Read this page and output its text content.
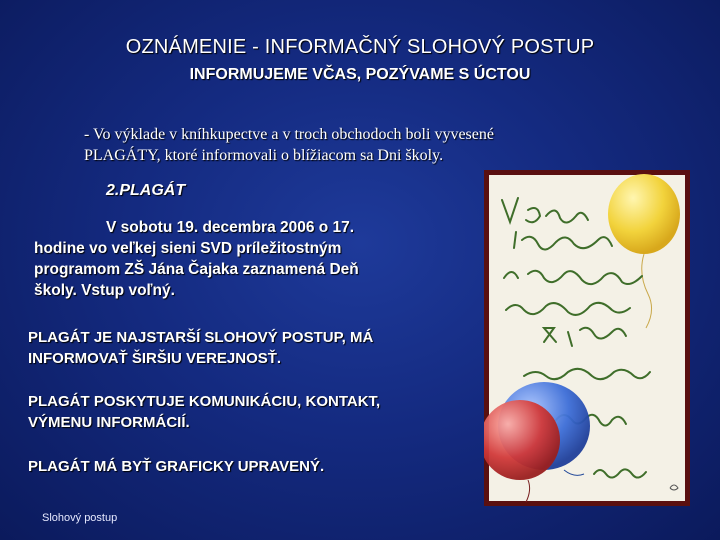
OZNÁMENIE - INFORMAČNÝ SLOHOVÝ POSTUP
INFORMUJEME VČAS, POZÝVAME S ÚCTOU
- Vo výklade v kníhkupectve a v troch obchodoch boli vyvesené
PLAGÁTY, ktoré informovali o blížiacom sa Dni školy.
2.PLAGÁT
V sobotu 19. decembra 2006 o 17.
hodine vo veľkej sieni SVD príležitostným
programom ZŠ Jána Čajaka zaznamená Deň
školy. Vstup voľný.
PLAGÁT JE NAJSTARŠÍ SLOHOVÝ POSTUP, MÁ
INFORMOVAŤ ŠIRŠIU VEREJNOSŤ.
PLAGÁT POSKYTUJE KOMUNIKÁCIU, KONTAKT,
VÝMENU INFORMÁCIÍ.
PLAGÁT MÁ BYŤ GRAFICKY UPRAVENÝ.
Slohový postup
